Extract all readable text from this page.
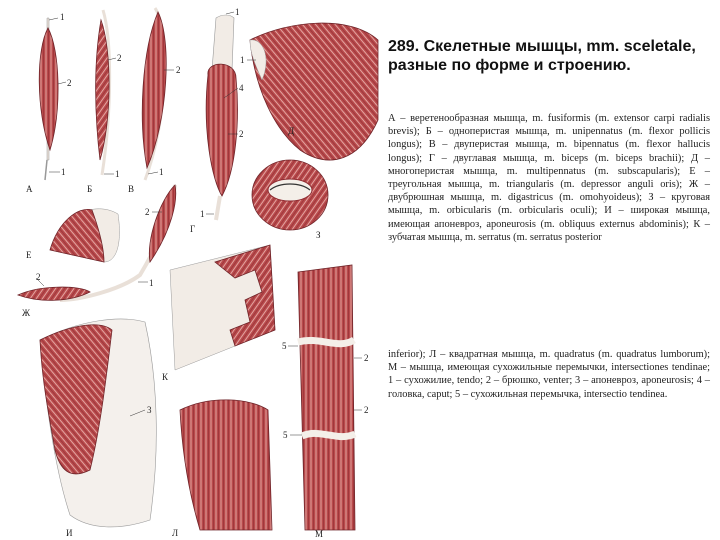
А	Б	В
Г
Д
Е
Ж
З
И
К
Л	М
1
2
1
2
1
2
1
1
4
2
1
1
2
2
1
3
5
2
2
5
289. Скелетные мышцы, mm. sceletale, разные по форме и строению.

А – веретенообразная мышца, m. fusiformis (m. extensor carpi radialis brevis); Б – одноперистая мышца, m. unipennatus (m. flexor pollicis longus); В – двуперистая мышца, m. bipennatus (m. flexor hallucis longus); Г – двуглавая мышца, m. biceps (m. biceps brachii); Д – многоперистая мышца, m. multipennatus (m. subscapularis); Е – треугольная мышца, m. triangularis (m. depressor anguli oris); Ж – двубрюшная мышца, m. digastricus (m. omohyoideus); З – круговая мышца, m. orbicularis (m. orbicularis oculi); И – широкая мышца, имеющая апоневроз, aponeurosis (m. obliquus externus abdominis); К – зубчатая мышца, m. serratus (m. serratus posterior

inferior); Л – квадратная мышца, m. quadratus (m. quadratus lumborum); М – мышца, имеющая сухожильные перемычки, intersectiones tendinae; 1 – сухожилие, tendo; 2 – брюшко, venter; 3 – апоневроз, aponeurosis; 4 – головка, caput; 5 – сухожильная перемычка, intersectio tendinea.
